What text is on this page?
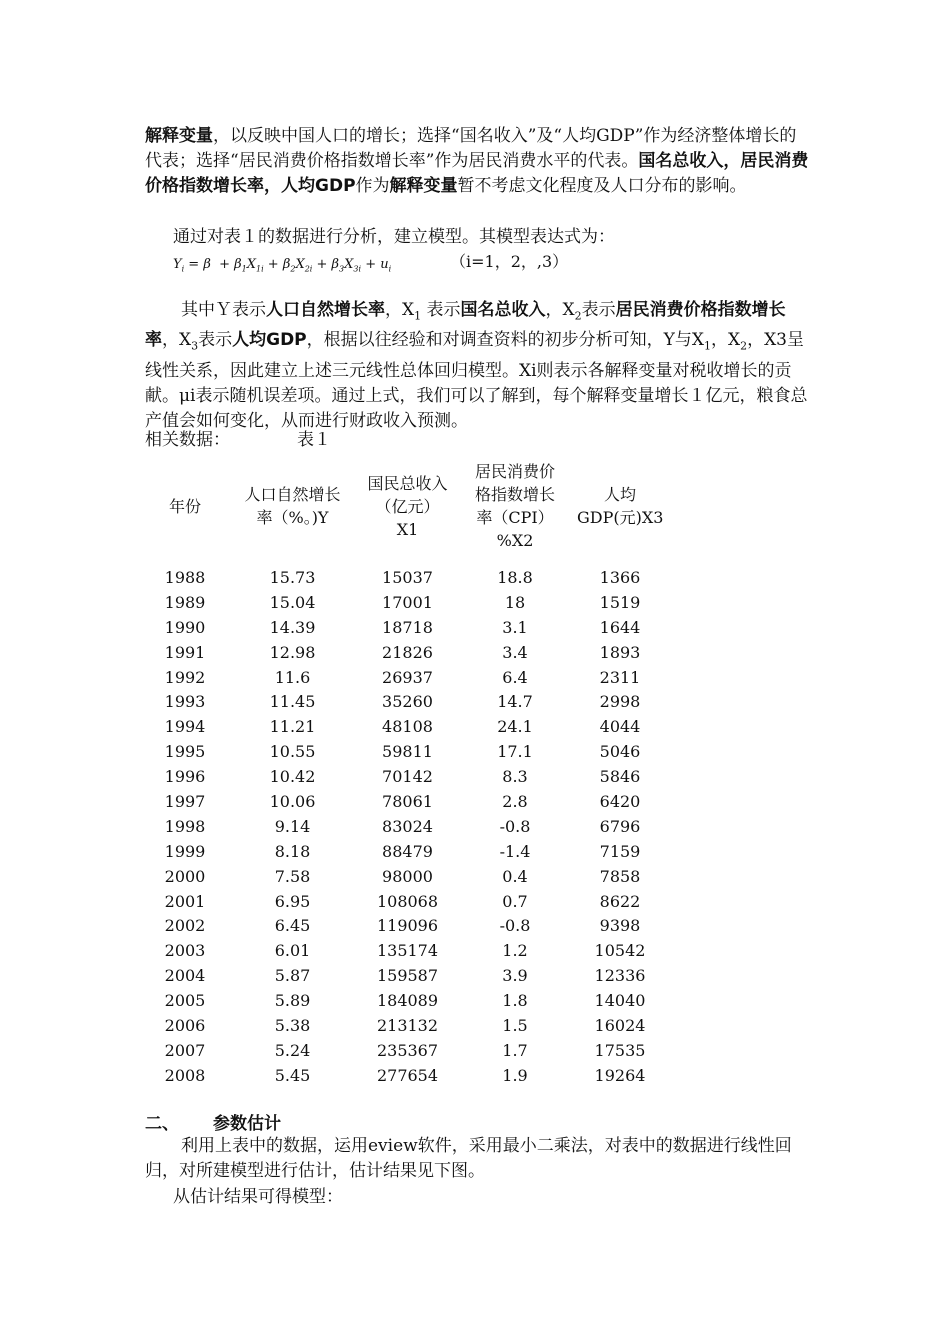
解释变量，以反映中国人口的增长；选择“国名收入”及“人均GDP”作为经济整体增长的代表；选择“居民消费价格指数增长率”作为居民消费水平的代表。国名总收入，居民消费价格指数增长率，人均GDP作为解释变量暂不考虑文化程度及人口分布的影响。
通过对表１的数据进行分析，建立模型。其模型表达式为：
$Y_i = \beta + \beta_1X_{1i} + \beta_2X_{2i} + \beta_3X_{3i} + u_i$	（i=1，2，,3）
其中Ｙ表示人口自然增长率，$X_1$ 表示国名总收入，$X_2$表示居民消费价格指数增长率，$X_3$表示人均GDP，根据以往经验和对调查资料的初步分析可知，Y与$X_1$，$X_2$，X3呈线性关系，因此建立上述三元线性总体回归模型。Xi则表示各解释变量对税收增长的贡献。μi表示随机误差项。通过上式，我们可以了解到，每个解释变量增长１亿元，粮食总产值会如何变化，从而进行财政收入预测。
相关数据：	表１
年份	人口自然增长率（%。)Y	国民总收入（亿元）X1	居民消费价格指数增长率（CPI）%X2	人均GDP(元)X3

1988	15.73	15037	18.8	1366
1989	15.04	17001	18	1519
1990	14.39	18718	3.1	1644
1991	12.98	21826	3.4	1893
1992	11.6	26937	6.4	2311
1993	11.45	35260	14.7	2998
1994	11.21	48108	24.1	4044
1995	10.55	59811	17.1	5046
1996	10.42	70142	8.3	5846
1997	10.06	78061	2.8	6420
1998	9.14	83024	-0.8	6796
1999	8.18	88479	-1.4	7159
2000	7.58	98000	0.4	7858
2001	6.95	108068	0.7	8622
2002	6.45	119096	-0.8	9398
2003	6.01	135174	1.2	10542
2004	5.87	159587	3.9	12336
2005	5.89	184089	1.8	14040
2006	5.38	213132	1.5	16024
2007	5.24	235367	1.7	17535
2008	5.45	277654	1.9	19264
二、 参数估计
利用上表中的数据，运用eview软件，采用最小二乘法，对表中的数据进行线性回归，对所建模型进行估计，估计结果见下图。
从估计结果可得模型：
